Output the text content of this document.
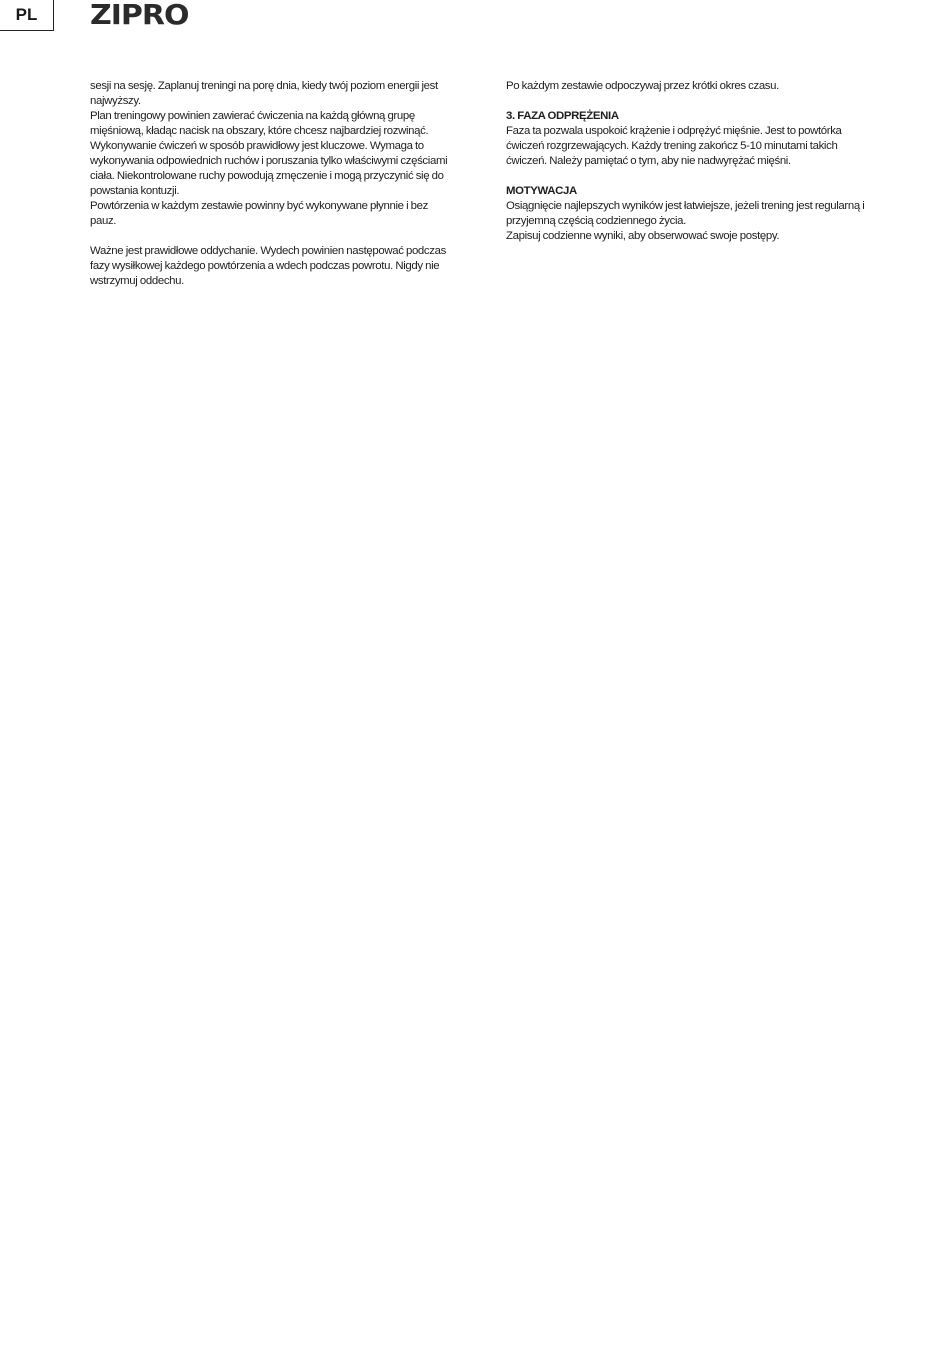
PL	ZIPRO

sesji na sesję. Zaplanuj treningi na porę dnia, kiedy twój poziom energii jest najwyższy.

Plan treningowy powinien zawierać ćwiczenia na każdą główną grupę mięśniową, kładąc nacisk na obszary, które chcesz najbardziej rozwinąć.

Wykonywanie ćwiczeń w sposób prawidłowy jest kluczowe. Wymaga to wykonywania odpowiednich ruchów i poruszania tylko właściwymi częściami ciała. Niekontrolowane ruchy powodują zmęczenie i mogą przyczynić się do powstania kontuzji.

Powtórzenia w każdym zestawie powinny być wykonywane płynnie i bez pauz.

Ważne jest prawidłowe oddychanie. Wydech powinien następować podczas fazy wysiłkowej każdego powtórzenia a wdech podczas powrotu. Nigdy nie wstrzymuj oddechu.

Po każdym zestawie odpoczywaj przez krótki okres czasu.

3. FAZA ODPRĘŻENIA

Faza ta pozwala uspokoić krążenie i odprężyć mięśnie. Jest to powtórka ćwiczeń rozgrzewających. Każdy trening zakończ 5-10 minutami takich ćwiczeń. Należy pamiętać o tym, aby nie nadwyrężać mięśni.

MOTYWACJA

Osiągnięcie najlepszych wyników jest łatwiejsze, jeżeli trening jest regularną i przyjemną częścią codziennego życia.

Zapisuj codzienne wyniki, aby obserwować swoje postępy.
